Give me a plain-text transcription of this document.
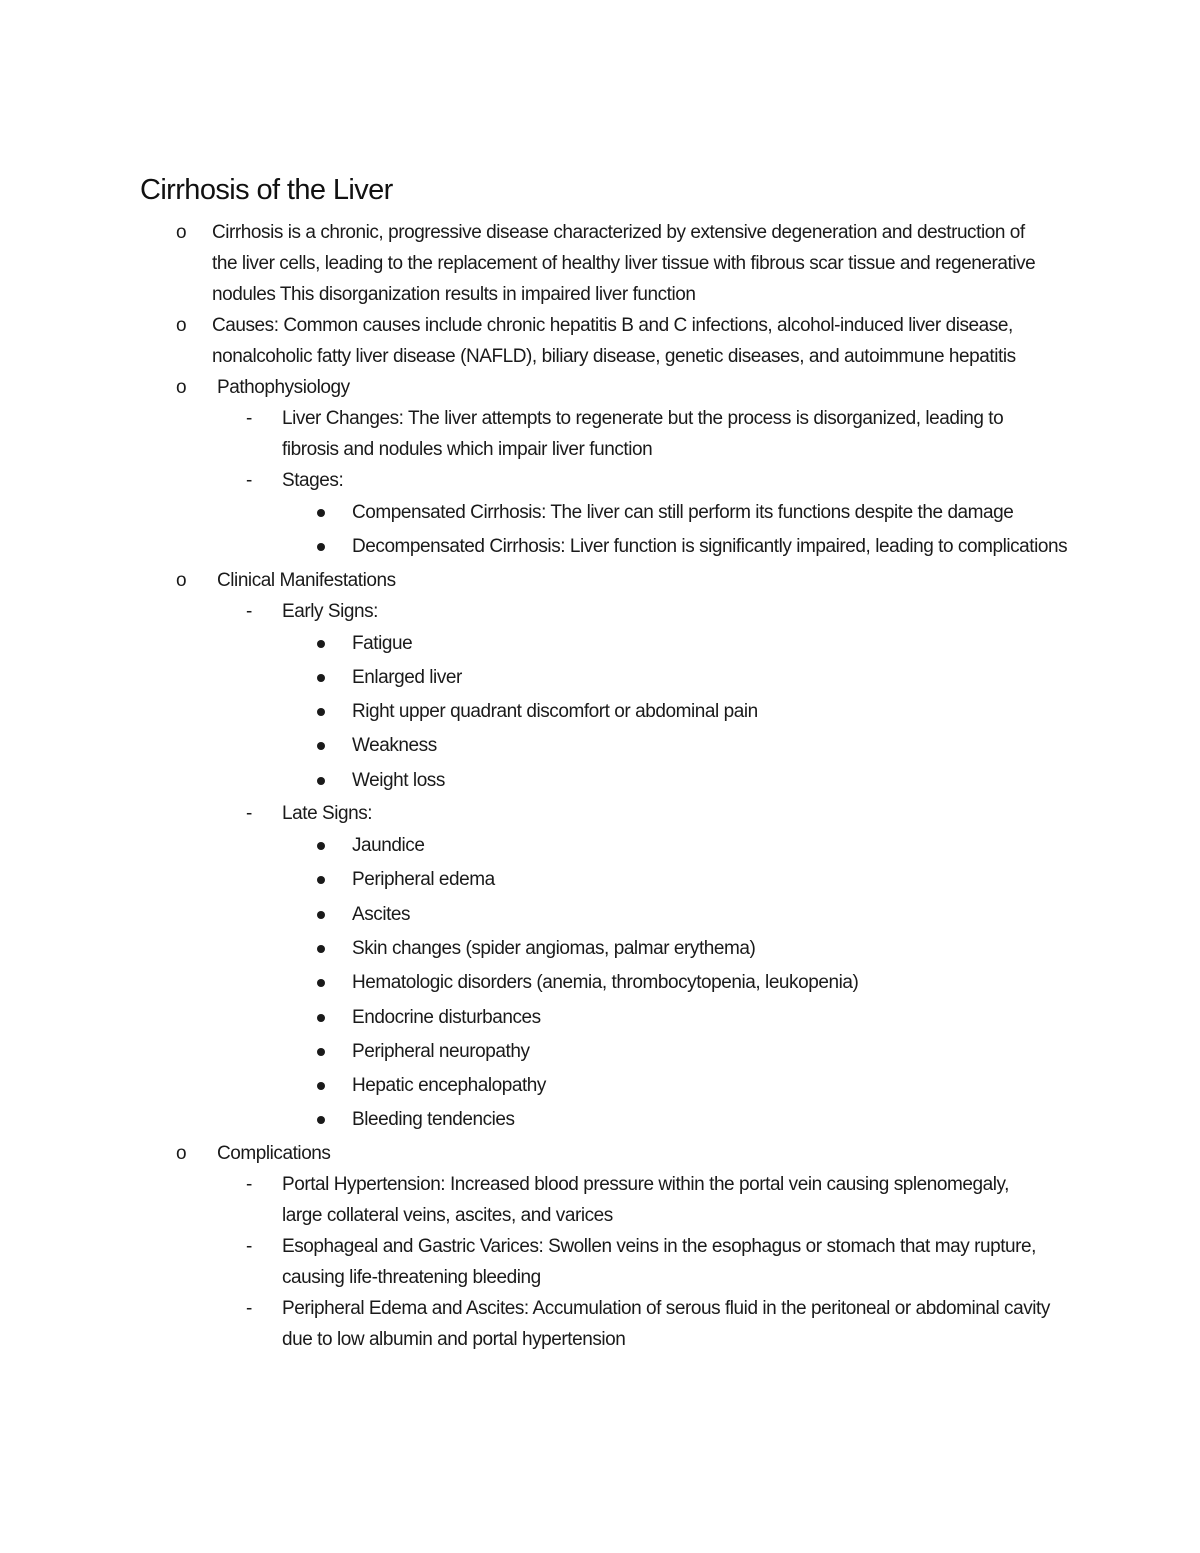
Cirrhosis of the Liver
o Cirrhosis is a chronic, progressive disease characterized by extensive degeneration and destruction of the liver cells, leading to the replacement of healthy liver tissue with fibrous scar tissue and regenerative nodules This disorganization results in impaired liver function
o Causes: Common causes include chronic hepatitis B and C infections, alcohol-induced liver disease, nonalcoholic fatty liver disease (NAFLD), biliary disease, genetic diseases, and autoimmune hepatitis
o Pathophysiology
- Liver Changes: The liver attempts to regenerate but the process is disorganized, leading to fibrosis and nodules which impair liver function
- Stages:
Compensated Cirrhosis: The liver can still perform its functions despite the damage
Decompensated Cirrhosis: Liver function is significantly impaired, leading to complications
o Clinical Manifestations
- Early Signs:
Fatigue
Enlarged liver
Right upper quadrant discomfort or abdominal pain
Weakness
Weight loss
- Late Signs:
Jaundice
Peripheral edema
Ascites
Skin changes (spider angiomas, palmar erythema)
Hematologic disorders (anemia, thrombocytopenia, leukopenia)
Endocrine disturbances
Peripheral neuropathy
Hepatic encephalopathy
Bleeding tendencies
o Complications
- Portal Hypertension: Increased blood pressure within the portal vein causing splenomegaly, large collateral veins, ascites, and varices
- Esophageal and Gastric Varices: Swollen veins in the esophagus or stomach that may rupture, causing life-threatening bleeding
- Peripheral Edema and Ascites: Accumulation of serous fluid in the peritoneal or abdominal cavity due to low albumin and portal hypertension
